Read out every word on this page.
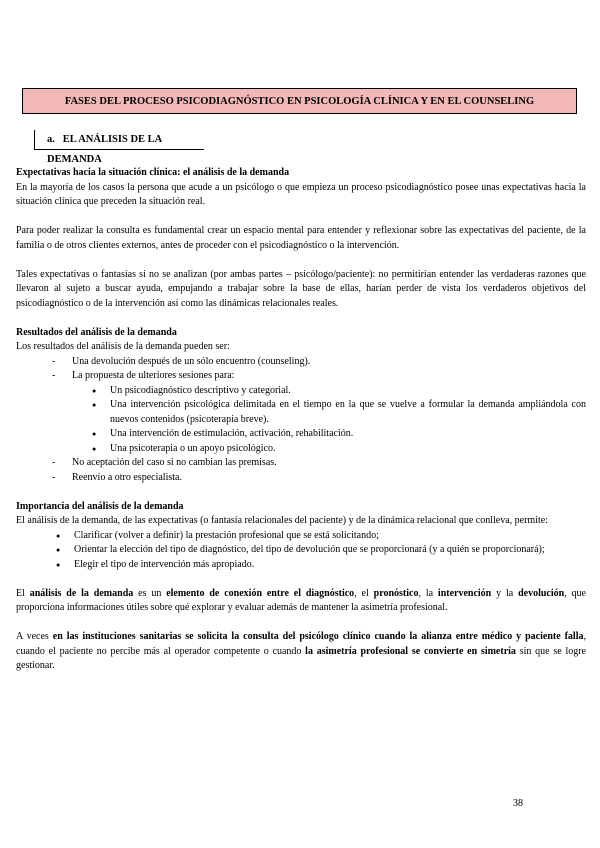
FASES DEL PROCESO PSICODIAGNÓSTICO EN PSICOLOGÍA CLÍNICA Y EN EL COUNSELING
a. EL ANÁLISIS DE LA DEMANDA

Expectativas hacia la situación clínica: el análisis de la demanda

En la mayoría de los casos la persona que acude a un psicólogo o que empieza un proceso psicodiagnóstico posee unas expectativas hacia la situación clínica que preceden la situación real.

Para poder realizar la consulta es fundamental crear un espacio mental para entender y reflexionar sobre las expectativas del paciente, de la familia o de otros clientes externos, antes de proceder con el psicodiagnóstico o la intervención.

Tales expectativas o fantasías si no se analizan (por ambas partes – psicólogo/paciente): no permitirían entender las verdaderas razones que llevaron al sujeto a buscar ayuda, empujando a trabajar sobre la base de ellas, harían perder de vista los verdaderos objetivos del psicodiagnóstico o de la intervención así como las dinámicas relacionales reales.

Resultados del análisis de la demanda

Los resultados del análisis de la demanda pueden ser:

- Una devolución después de un sólo encuentro (counseling).
- La propuesta de ulteriores sesiones para:
● Un psicodiagnóstico descriptivo y categorial.
● Una intervención psicológica delimitada en el tiempo en la que se vuelve a formular la demanda ampliándola con nuevos contenidos (psicoterapia breve).
● Una intervención de estimulación, activación, rehabilitación.
● Una psicoterapia o un apoyo psicológico.
- No aceptación del caso si no cambian las premisas.
- Reenvío a otro especialista.

Importancia del análisis de la demanda

El análisis de la demanda, de las expectativas (o fantasía relacionales del paciente) y de la dinámica relacional que conlleva, permite:

● Clarificar (volver a definir) la prestación profesional que se está solicitando;
● Orientar la elección del tipo de diagnóstico, del tipo de devolución que se proporcionará (y a quién se proporcionará);
● Elegir el tipo de intervención más apropiado.

El análisis de la demanda es un elemento de conexión entre el diagnóstico, el pronóstico, la intervención y la devolución, que proporciona informaciones útiles sobre qué explorar y evaluar además de mantener la asimetría profesional.

A veces en las instituciones sanitarias se solicita la consulta del psicólogo clínico cuando la alianza entre médico y paciente falla, cuando el paciente no percibe más al operador competente o cuando la asimetría profesional se convierte en simetría sin que se logre gestionar.

38
